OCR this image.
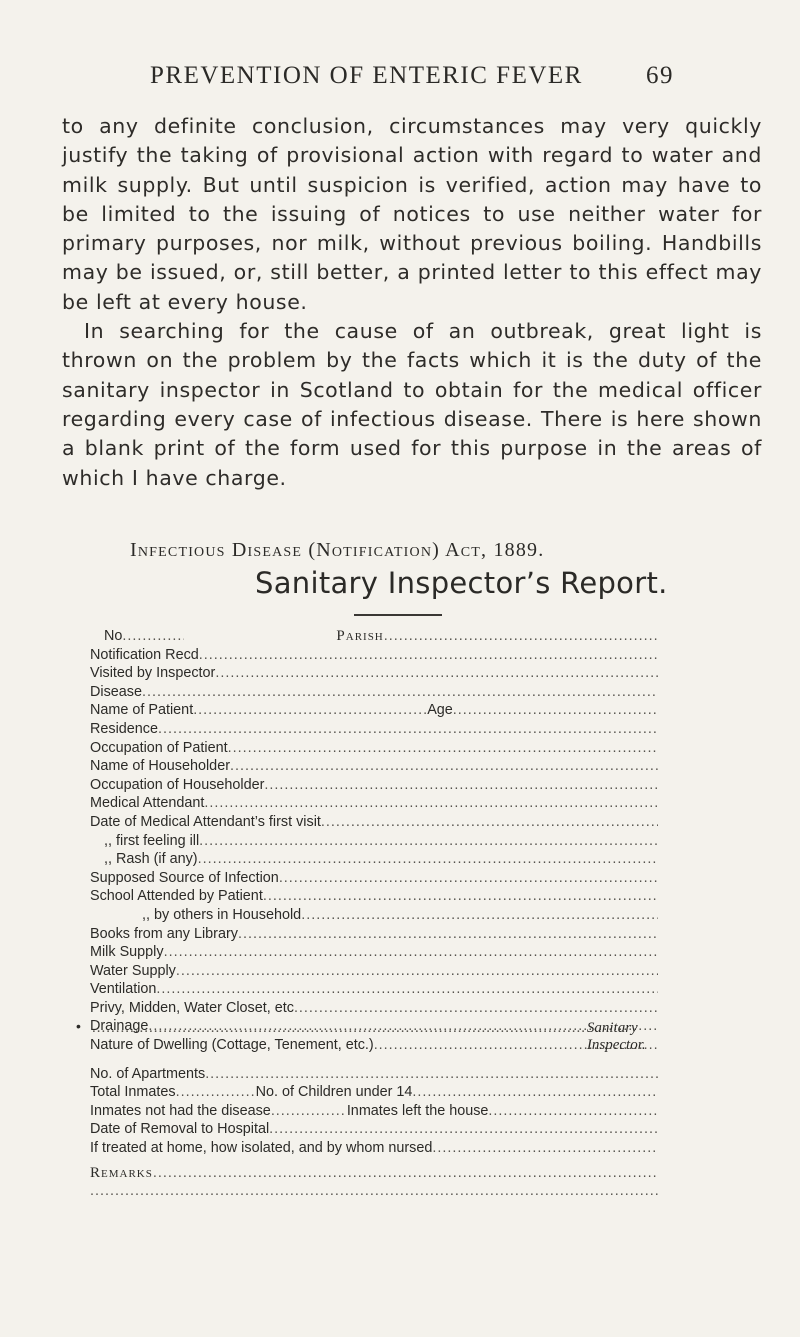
PREVENTION OF ENTERIC FEVER	69

to any definite conclusion, circumstances may very quickly justify the taking of provisional action with regard to water and milk supply. But until suspicion is verified, action may have to be limited to the issuing of notices to use neither water for primary purposes, nor milk, without previous boiling. Handbills may be issued, or, still better, a printed letter to this effect may be left at every house.

In searching for the cause of an outbreak, great light is thrown on the problem by the facts which it is the duty of the sanitary inspector in Scotland to obtain for the medical officer regarding every case of infectious disease. There is here shown a blank print of the form used for this purpose in the areas of which I have charge.

Infectious Disease (Notification) Act, 1889.
Sanitary Inspector’s Report.
No .....	Parish
.....
Notification Recd
.....
Visited by Inspector
.....
Disease
.....
Name of Patient .....	Age
.....
Residence
.....
Occupation of Patient
.....
Name of Householder
.....
Occupation of Householder
.....
Medical Attendant
.....
Date of Medical Attendant’s first visit
.....
,, first feeling ill
.....
,, Rash (if any)
.....
Supposed Source of Infection
.....
School Attended by Patient
.....
,, by others in Household
.....
Books from any Library
.....
Milk Supply
.....
Water Supply
.....
Ventilation
.....
Privy, Midden, Water Closet, etc
.....
• Drainage
.....
Nature of Dwelling (Cottage, Tenement, etc.)
.....
No. of Apartments
.....
Total Inmates .....	No. of Children under 14
.....
Inmates not had the disease .....	Inmates left the house
.....
Date of Removal to Hospital
.....
If treated at home, how isolated, and by whom nursed
.....
Remarks
.....
.....
.....
Sanitary Inspector.
